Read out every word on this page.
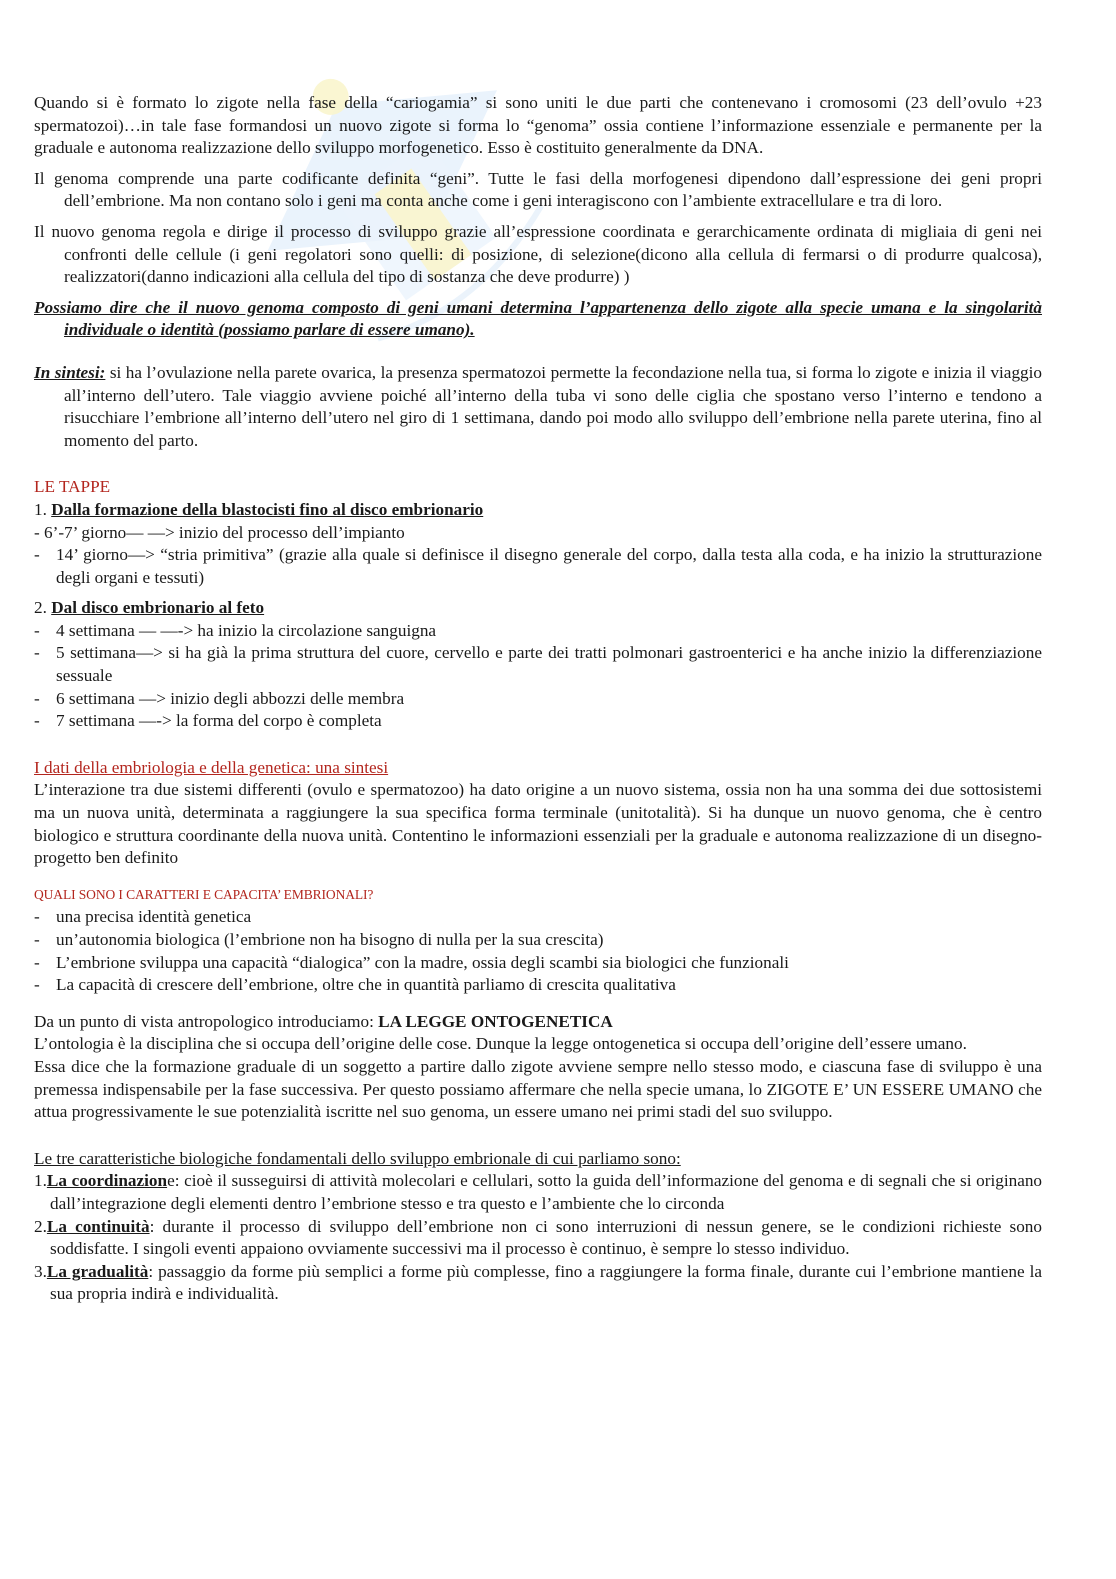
Quando si è formato lo zigote nella fase della “cariogamia” si sono uniti le due parti che contenevano i cromosomi (23 dell’ovulo +23 spermatozoi)…in tale fase formandosi un nuovo zigote si forma lo “genoma” ossia contiene l’informazione essenziale e permanente per la graduale e autonoma realizzazione dello sviluppo morfogenetico. Esso è costituito generalmente da DNA.

Il genoma comprende una parte codificante definita “geni”. Tutte le fasi della morfogenesi dipendono dall’espressione dei geni propri dell’embrione. Ma non contano solo i geni ma conta anche come i geni interagiscono con l’ambiente extracellulare e tra di loro.

Il nuovo genoma regola e dirige il processo di sviluppo grazie all’espressione coordinata e gerarchicamente ordinata di migliaia di geni nei confronti delle cellule (i geni regolatori sono quelli: di posizione, di selezione(dicono alla cellula di fermarsi o di produrre qualcosa), realizzatori(danno indicazioni alla cellula del tipo di sostanza che deve produrre) )

Possiamo dire che il nuovo genoma composto di geni umani determina l’appartenenza dello zigote alla specie umana e la singolarità individuale o identità (possiamo parlare di essere umano).

In sintesi: si ha l’ovulazione nella parete ovarica, la presenza spermatozoi permette la fecondazione nella tua, si forma lo zigote e inizia il viaggio all’interno dell’utero. Tale viaggio avviene poiché all’interno della tuba vi sono delle ciglia che spostano verso l’interno e tendono a risucchiare l’embrione all’interno dell’utero nel giro di 1 settimana, dando poi modo allo sviluppo dell’embrione nella parete uterina, fino al momento del parto.

LE TAPPE

1. Dalla formazione della blastocisti fino al disco embrionario

- 6’-7’ giorno— —> inizio del processo dell’impianto

- 14’ giorno—> “stria primitiva” (grazie alla quale si definisce il disegno generale del corpo, dalla testa alla coda, e ha inizio la strutturazione degli organi e tessuti)

2. Dal disco embrionario al feto

- 4 settimana — —-> ha inizio la circolazione sanguigna
- 5 settimana—> si ha già la prima struttura del cuore, cervello e parte dei tratti polmonari gastroenterici e ha anche inizio la differenziazione sessuale
- 6 settimana —> inizio degli abbozzi delle membra
- 7 settimana —-> la forma del corpo è completa

I dati della embriologia e della genetica: una sintesi

L’interazione tra due sistemi differenti (ovulo e spermatozoo) ha dato origine a un nuovo sistema, ossia non ha una somma dei due sottosistemi ma un nuova unità, determinata a raggiungere la sua specifica forma terminale (unitotalità). Si ha dunque un nuovo genoma, che è centro biologico e struttura coordinante della nuova unità. Contentino le informazioni essenziali per la graduale e autonoma realizzazione di un disegno-progetto ben definito

QUALI SONO I CARATTERI E CAPACITA’ EMBRIONALI?

- una precisa identità genetica
- un’autonomia biologica (l’embrione non ha bisogno di nulla per la sua crescita)
- L’embrione sviluppa una capacità “dialogica” con la madre, ossia degli scambi sia biologici che funzionali
- La capacità di crescere dell’embrione, oltre che in quantità parliamo di crescita qualitativa

Da un punto di vista antropologico introduciamo: LA LEGGE ONTOGENETICA

L’ontologia è la disciplina che si occupa dell’origine delle cose. Dunque la legge ontogenetica si occupa dell’origine dell’essere umano.

Essa dice che la formazione graduale di un soggetto a partire dallo zigote avviene sempre nello stesso modo, e ciascuna fase di sviluppo è una premessa indispensabile per la fase successiva. Per questo possiamo affermare che nella specie umana, lo ZIGOTE E’ UN ESSERE UMANO che attua progressivamente le sue potenzialità iscritte nel suo genoma, un essere umano nei primi stadi del suo sviluppo.

Le tre caratteristiche biologiche fondamentali dello sviluppo embrionale di cui parliamo sono:

1.La coordinazione: cioè il susseguirsi di attività molecolari e cellulari, sotto la guida dell’informazione del genoma e di segnali che si originano dall’integrazione degli elementi dentro l’embrione stesso e tra questo e l’ambiente che lo circonda

2.La continuità: durante il processo di sviluppo dell’embrione non ci sono interruzioni di nessun genere, se le condizioni richieste sono soddisfatte. I singoli eventi appaiono ovviamente successivi ma il processo è continuo, è sempre lo stesso individuo.

3.La gradualità: passaggio da forme più semplici a forme più complesse, fino a raggiungere la forma finale, durante cui l’embrione mantiene la sua propria indirà e individualità.
